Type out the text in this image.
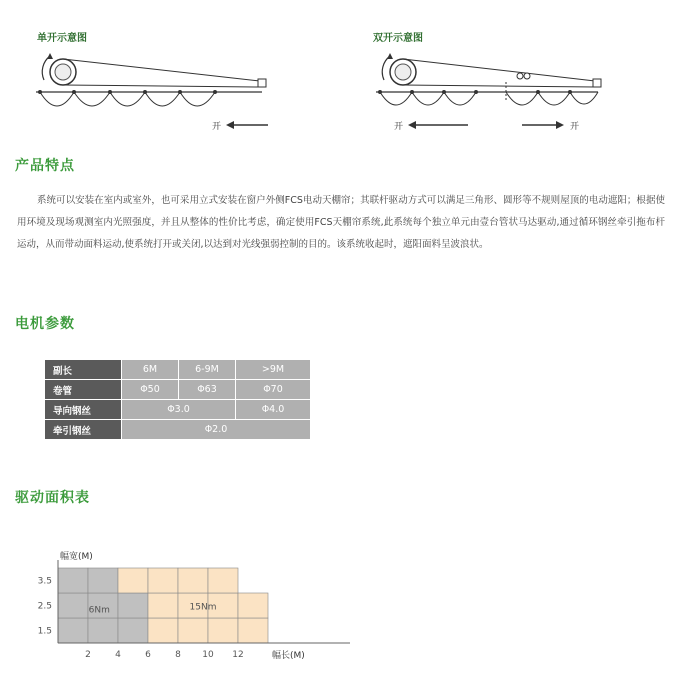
单开示意图	双开示意图
开	开	开
产品特点
系统可以安装在室内或室外，也可采用立式安装在窗户外侧FCS电动天棚帘；其联杆驱动方式可以满足三角形、圆形等不规则屋顶的电动遮阳；根据使用环境及现场观测室内光照强度，并且从整体的性价比考虑，确定使用FCS天棚帘系统,此系统每个独立单元由壹台管状马达驱动,通过循环钢丝牵引拖布杆运动，从而带动面料运动,使系统打开或关闭,以达到对光线强弱控制的目的。该系统收起时，遮阳面料呈波浪状。
电机参数
副长	6M	6-9M	>9M
卷管	Φ50	Φ63	Φ70
导向钢丝	Φ3.0		Φ4.0
牵引钢丝	Φ2.0		
驱动面积表
幅宽(M)
幅长(M)
6Nm	15Nm
2	4	6	8 10 12
1.5
2.5
3.5
